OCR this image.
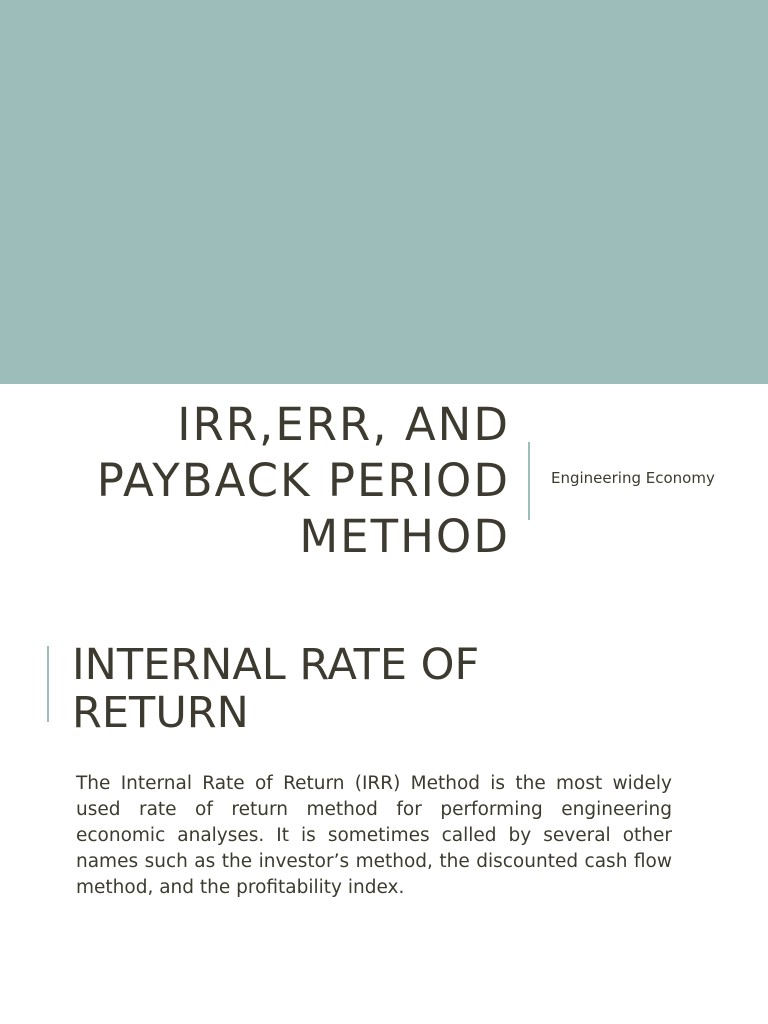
IRR,ERR, AND
PAYBACK PERIOD
METHOD

Engineering Economy

INTERNAL RATE OF
RETURN

The Internal Rate of Return (IRR) Method is the most widely used rate of return method for performing engineering economic analyses. It is sometimes called by several other names such as the investor’s method, the discounted cash flow method, and the profitability index.
